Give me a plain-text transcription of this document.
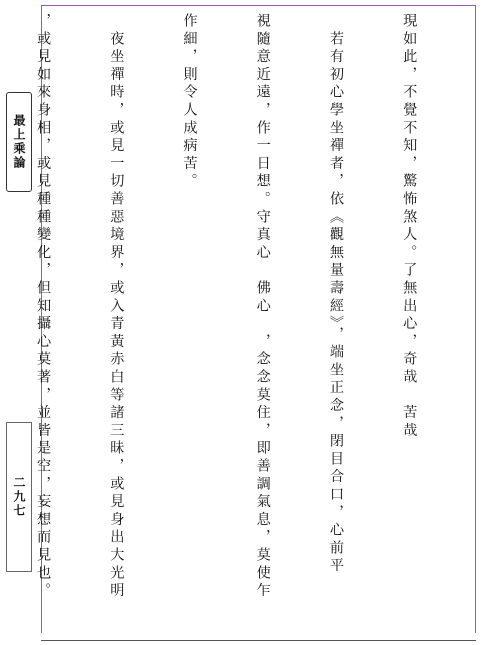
最上乘論
二九七

現如此，不覺不知，驚怖煞人。了無出心，奇哉　苦哉

　若有初心學坐禪者，依《觀無量壽經》，端坐正念，閉目合口，心前平

視隨意近遠，作一日想。守真心　佛心　，念念莫住，即善調氣息，莫使乍

作細，則令人成病苦。

　夜坐禪時，或見一切善惡境界，或入青黃赤白等諸三昧，或見身出大光明

，或見如來身相，或見種種變化，但知攝心莫著，並皆是空，妄想而見也。
